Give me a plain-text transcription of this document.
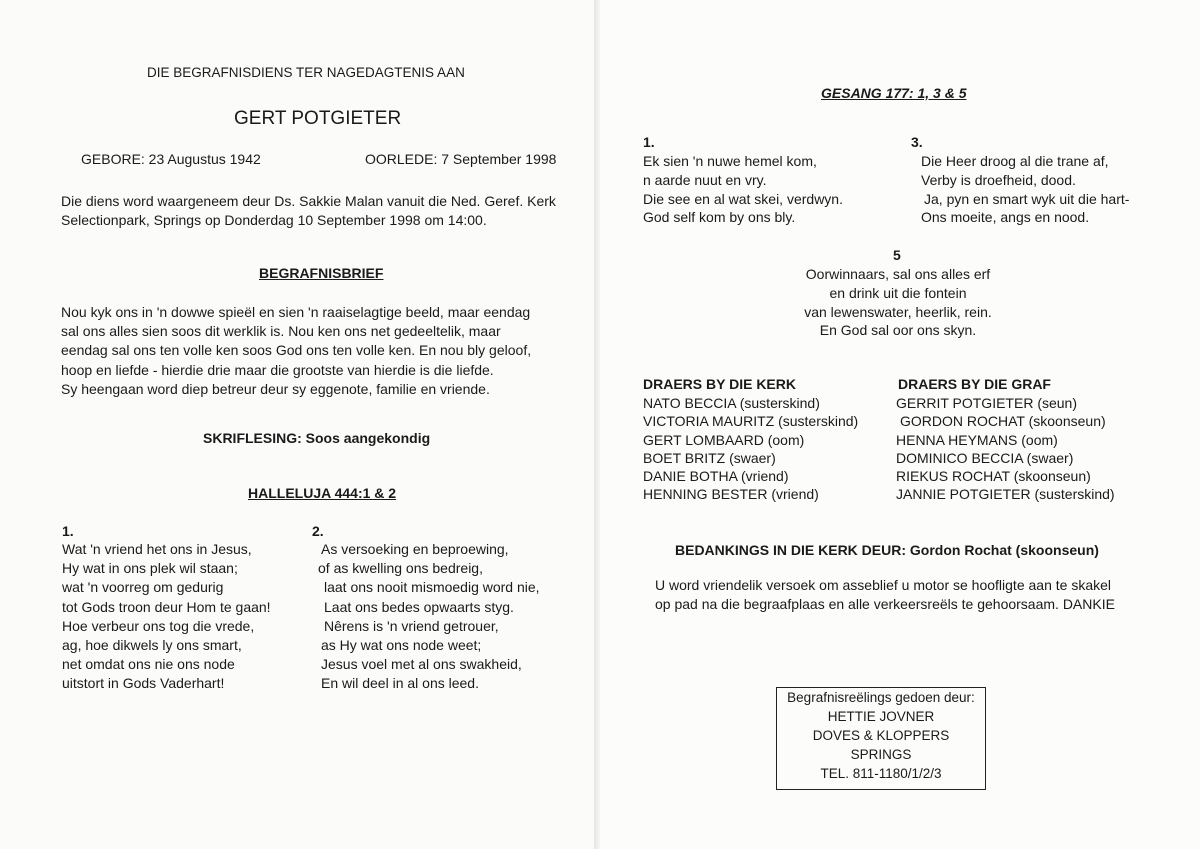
DIE BEGRAFNISDIENS TER NAGEDAGTENIS AAN
GERT POTGIETER
GEBORE: 23 Augustus 1942	OORLEDE: 7 September 1998
Die diens word waargeneem deur Ds. Sakkie Malan vanuit die Ned. Geref. Kerk
Selectionpark, Springs op Donderdag 10 September 1998 om 14:00.
BEGRAFNISBRIEF
Nou kyk ons in 'n dowwe spieël en sien 'n raaiselagtige beeld, maar eendag
sal ons alles sien soos dit werklik is. Nou ken ons net gedeeltelik, maar
eendag sal ons ten volle ken soos God ons ten volle ken. En nou bly geloof,
hoop en liefde - hierdie drie maar die grootste van hierdie is die liefde.
Sy heengaan word diep betreur deur sy eggenote, familie en vriende.
SKRIFLESING: Soos aangekondig
HALLELUJA 444:1 & 2
1.
Wat 'n vriend het ons in Jesus,
Hy wat in ons plek wil staan;
wat 'n voorreg om gedurig
tot Gods troon deur Hom te gaan!
Hoe verbeur ons tog die vrede,
ag, hoe dikwels ly ons smart,
net omdat ons nie ons node
uitstort in Gods Vaderhart!
2.
As versoeking en beproewing,
of as kwelling ons bedreig,
laat ons nooit mismoedig word nie,
Laat ons bedes opwaarts styg.
Nêrens is 'n vriend getrouer,
as Hy wat ons node weet;
Jesus voel met al ons swakheid,
En wil deel in al ons leed.
GESANG 177: 1, 3 & 5
1.
Ek sien 'n nuwe hemel kom,
n aarde nuut en vry.
Die see en al wat skei, verdwyn.
God self kom by ons bly.
3.
Die Heer droog al die trane af,
Verby is droefheid, dood.
Ja, pyn en smart wyk uit die hart-
Ons moeite, angs en nood.
5
Oorwinnaars, sal ons alles erf
en drink uit die fontein
van lewenswater, heerlik, rein.
En God sal oor ons skyn.
DRAERS BY DIE KERK
NATO BECCIA (susterskind)
VICTORIA MAURITZ (susterskind)
GERT LOMBAARD (oom)
BOET BRITZ (swaer)
DANIE BOTHA (vriend)
HENNING BESTER (vriend)
DRAERS BY DIE GRAF
GERRIT POTGIETER (seun)
GORDON ROCHAT (skoonseun)
HENNA HEYMANS (oom)
DOMINICO BECCIA (swaer)
RIEKUS ROCHAT (skoonseun)
JANNIE POTGIETER (susterskind)
BEDANKINGS IN DIE KERK DEUR: Gordon Rochat (skoonseun)
U word vriendelik versoek om asseblief u motor se hoofligte aan te skakel
op pad na die begraafplaas en alle verkeersreëls te gehoorsaam. DANKIE
Begrafnisreëlings gedoen deur:
HETTIE JOVNER
DOVES & KLOPPERS
SPRINGS
TEL. 811-1180/1/2/3
